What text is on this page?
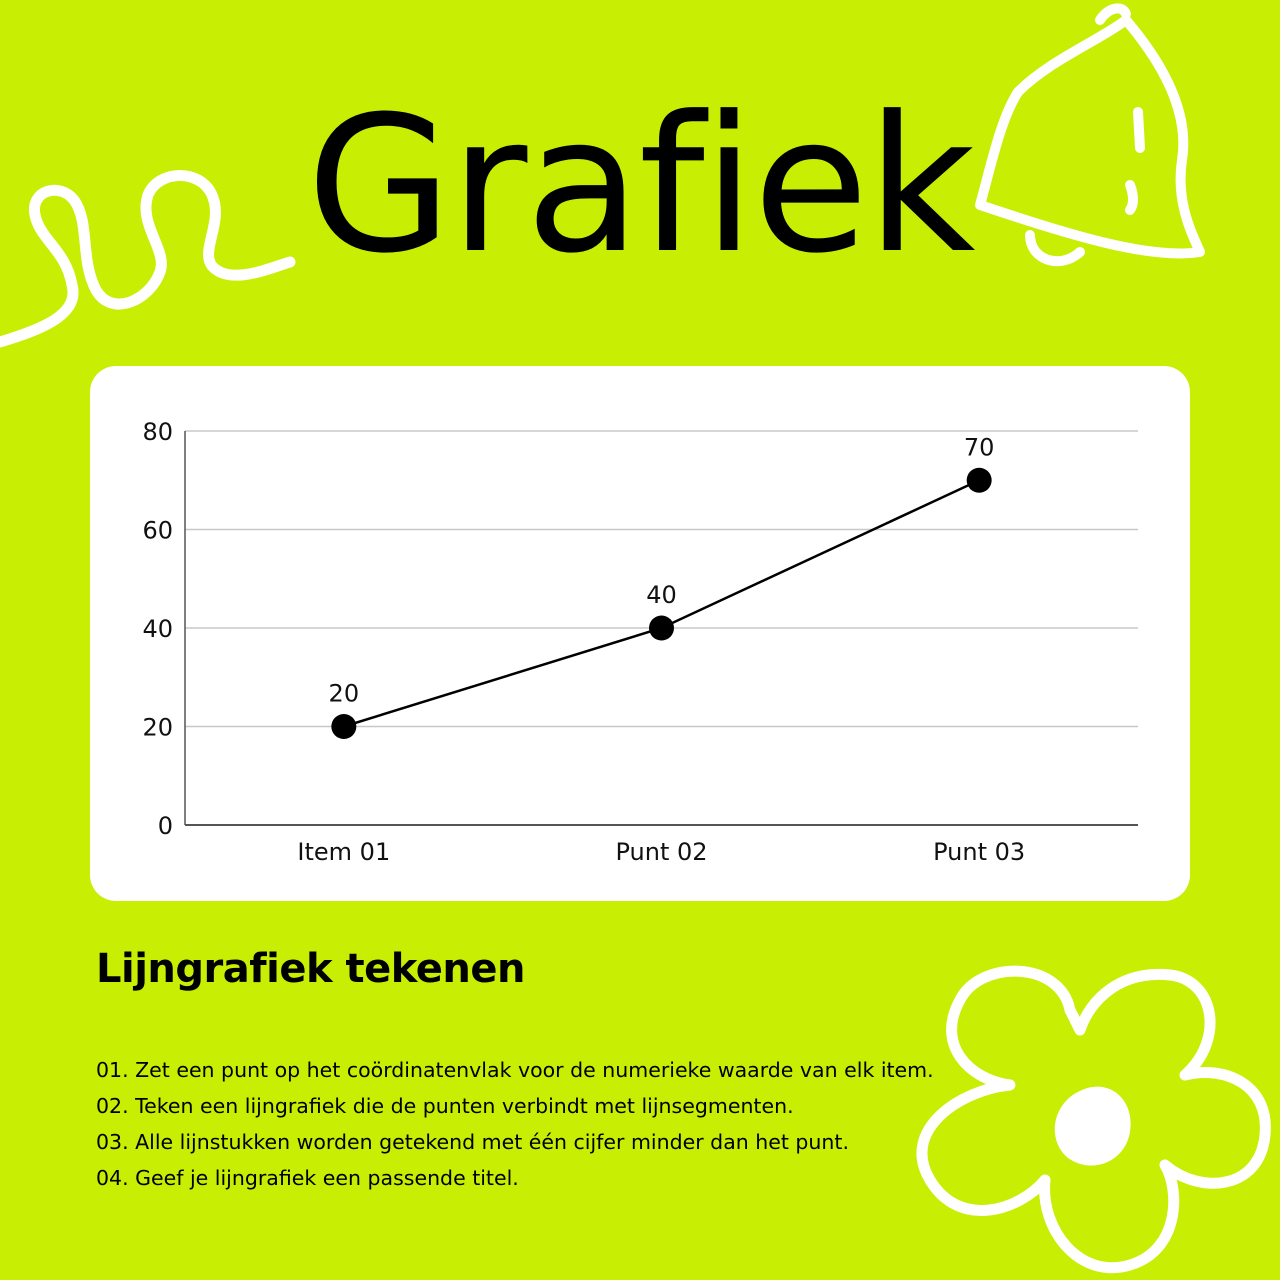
Grafiek
0
20
40
60
80
Item 01	Punt 02	Punt 03
20
40
70
Lijngrafiek tekenen
01. Zet een punt op het coördinatenvlak voor de numerieke waarde van elk item.
02. Teken een lijngrafiek die de punten verbindt met lijnsegmenten.
03. Alle lijnstukken worden getekend met één cijfer minder dan het punt.
04. Geef je lijngrafiek een passende titel.
